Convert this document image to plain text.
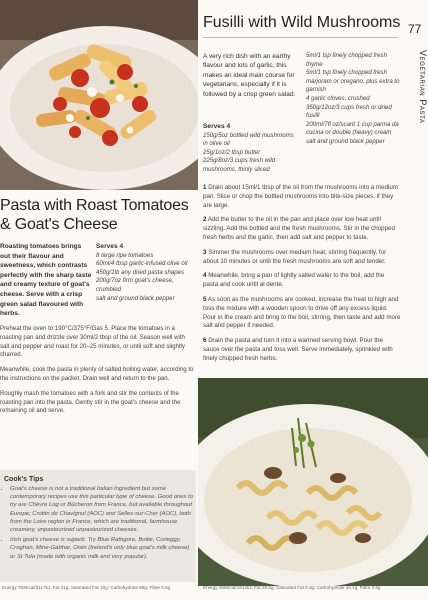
Pasta with Roast Tomatoes & Goat's Cheese
Roasting tomatoes brings out their flavour and sweetness, which contrasts perfectly with the sharp taste and creamy texture of goat's cheese. Serve with a crisp green salad flavoured with herbs.
Serves 4
8 large ripe tomatoes
60ml/4 tbsp garlic-infused olive oil
450g/1lb any dried pasta shapes
200g/7oz firm goat's cheese, crumbled
salt and ground black pepper

Preheat the oven to 190°C/375°F/Gas 5. Place the tomatoes in a roasting pan and drizzle over 30ml/2 tbsp of the oil. Season well with salt and pepper and roast for 20–25 minutes, or until soft and slightly charred.

Meanwhile, cook the pasta in plenty of salted boiling water, according to the instructions on the packet. Drain well and return to the pan.

Roughly mash the tomatoes with a fork and stir the contents of the roasting pan into the pasta. Gently stir in the goat's cheese and the remaining oil and serve.

Cook's Tips
• Goat's cheese is not a traditional Italian ingredient but some contemporary recipes use this particular type of cheese. Good ones to try are Chèvre Log or Bûcheron from France, but available throughout Europe; Crottin de Chavignol (AOC) and Selles-sur-Cher (AOC), both from the Loire region in France, which are traditional, farmhouse creamery, unpasteurized unpasteurized cheeses.
• Irish goat's cheese is superb. Try Blue Rathgore, Boilie, Corleggy, Croghan, Mine-Gabhar, Oisin (Ireland's only blue goat's milk cheese) or St Tola (made with organic milk and very popular).
Energy 783Kcal/3117kJ; Fat 31g; Saturated Fat 10g; Carbohydrate 99g; Fibre 6.6g
Fusilli with Wild Mushrooms 77
Vegetarian Pasta
A very rich dish with an earthy flavour and lots of garlic, this makes an ideal main course for vegetarians, especially if it is followed by a crisp green salad.
Serves 4
150g/5oz bottled wild mushrooms in olive oil
25g/1oz/2 tbsp butter
225g/8oz/3 cups fresh wild mushrooms, thinly sliced
5ml/1 tsp finely chopped fresh thyme
5ml/1 tsp finely chopped fresh marjoram or oregano, plus extra to garnish
4 garlic cloves, crushed
350g/12oz/3 cups fresh or dried fusilli
200ml/7fl oz/scant 1 cup panna da cucina or double (heavy) cream
salt and ground black pepper

1 Drain about 15ml/1 tbsp of the oil from the mushrooms into a medium pan. Slice or chop the bottled mushrooms into bite-size pieces, if they are large.

2 Add the butter to the oil in the pan and place over low heat until sizzling. Add the bottled and the fresh mushrooms. Stir in the chopped fresh herbs and the garlic, then add salt and pepper to taste.

3 Simmer the mushrooms over medium heat, stirring frequently, for about 10 minutes or until the fresh mushrooms are soft and tender.

4 Meanwhile, bring a pan of lightly salted water to the boil, add the pasta and cook until al dente.

5 As soon as the mushrooms are cooked, increase the heat to high and toss the mixture with a wooden spoon to drive off any excess liquid. Pour in the cream and bring to the boil, stirring, then taste and add more salt and pepper if needed.

6 Drain the pasta and turn it into a warmed serving bowl. Pour the sauce over the pasta and toss well. Serve immediately, sprinkled with finely chopped fresh herbs.

Energy 456Kcal/1914kJ; Fat 29.5g; Saturated Fat 9.3g; Carbohydrate 44.1g; Fibre 3.6g
